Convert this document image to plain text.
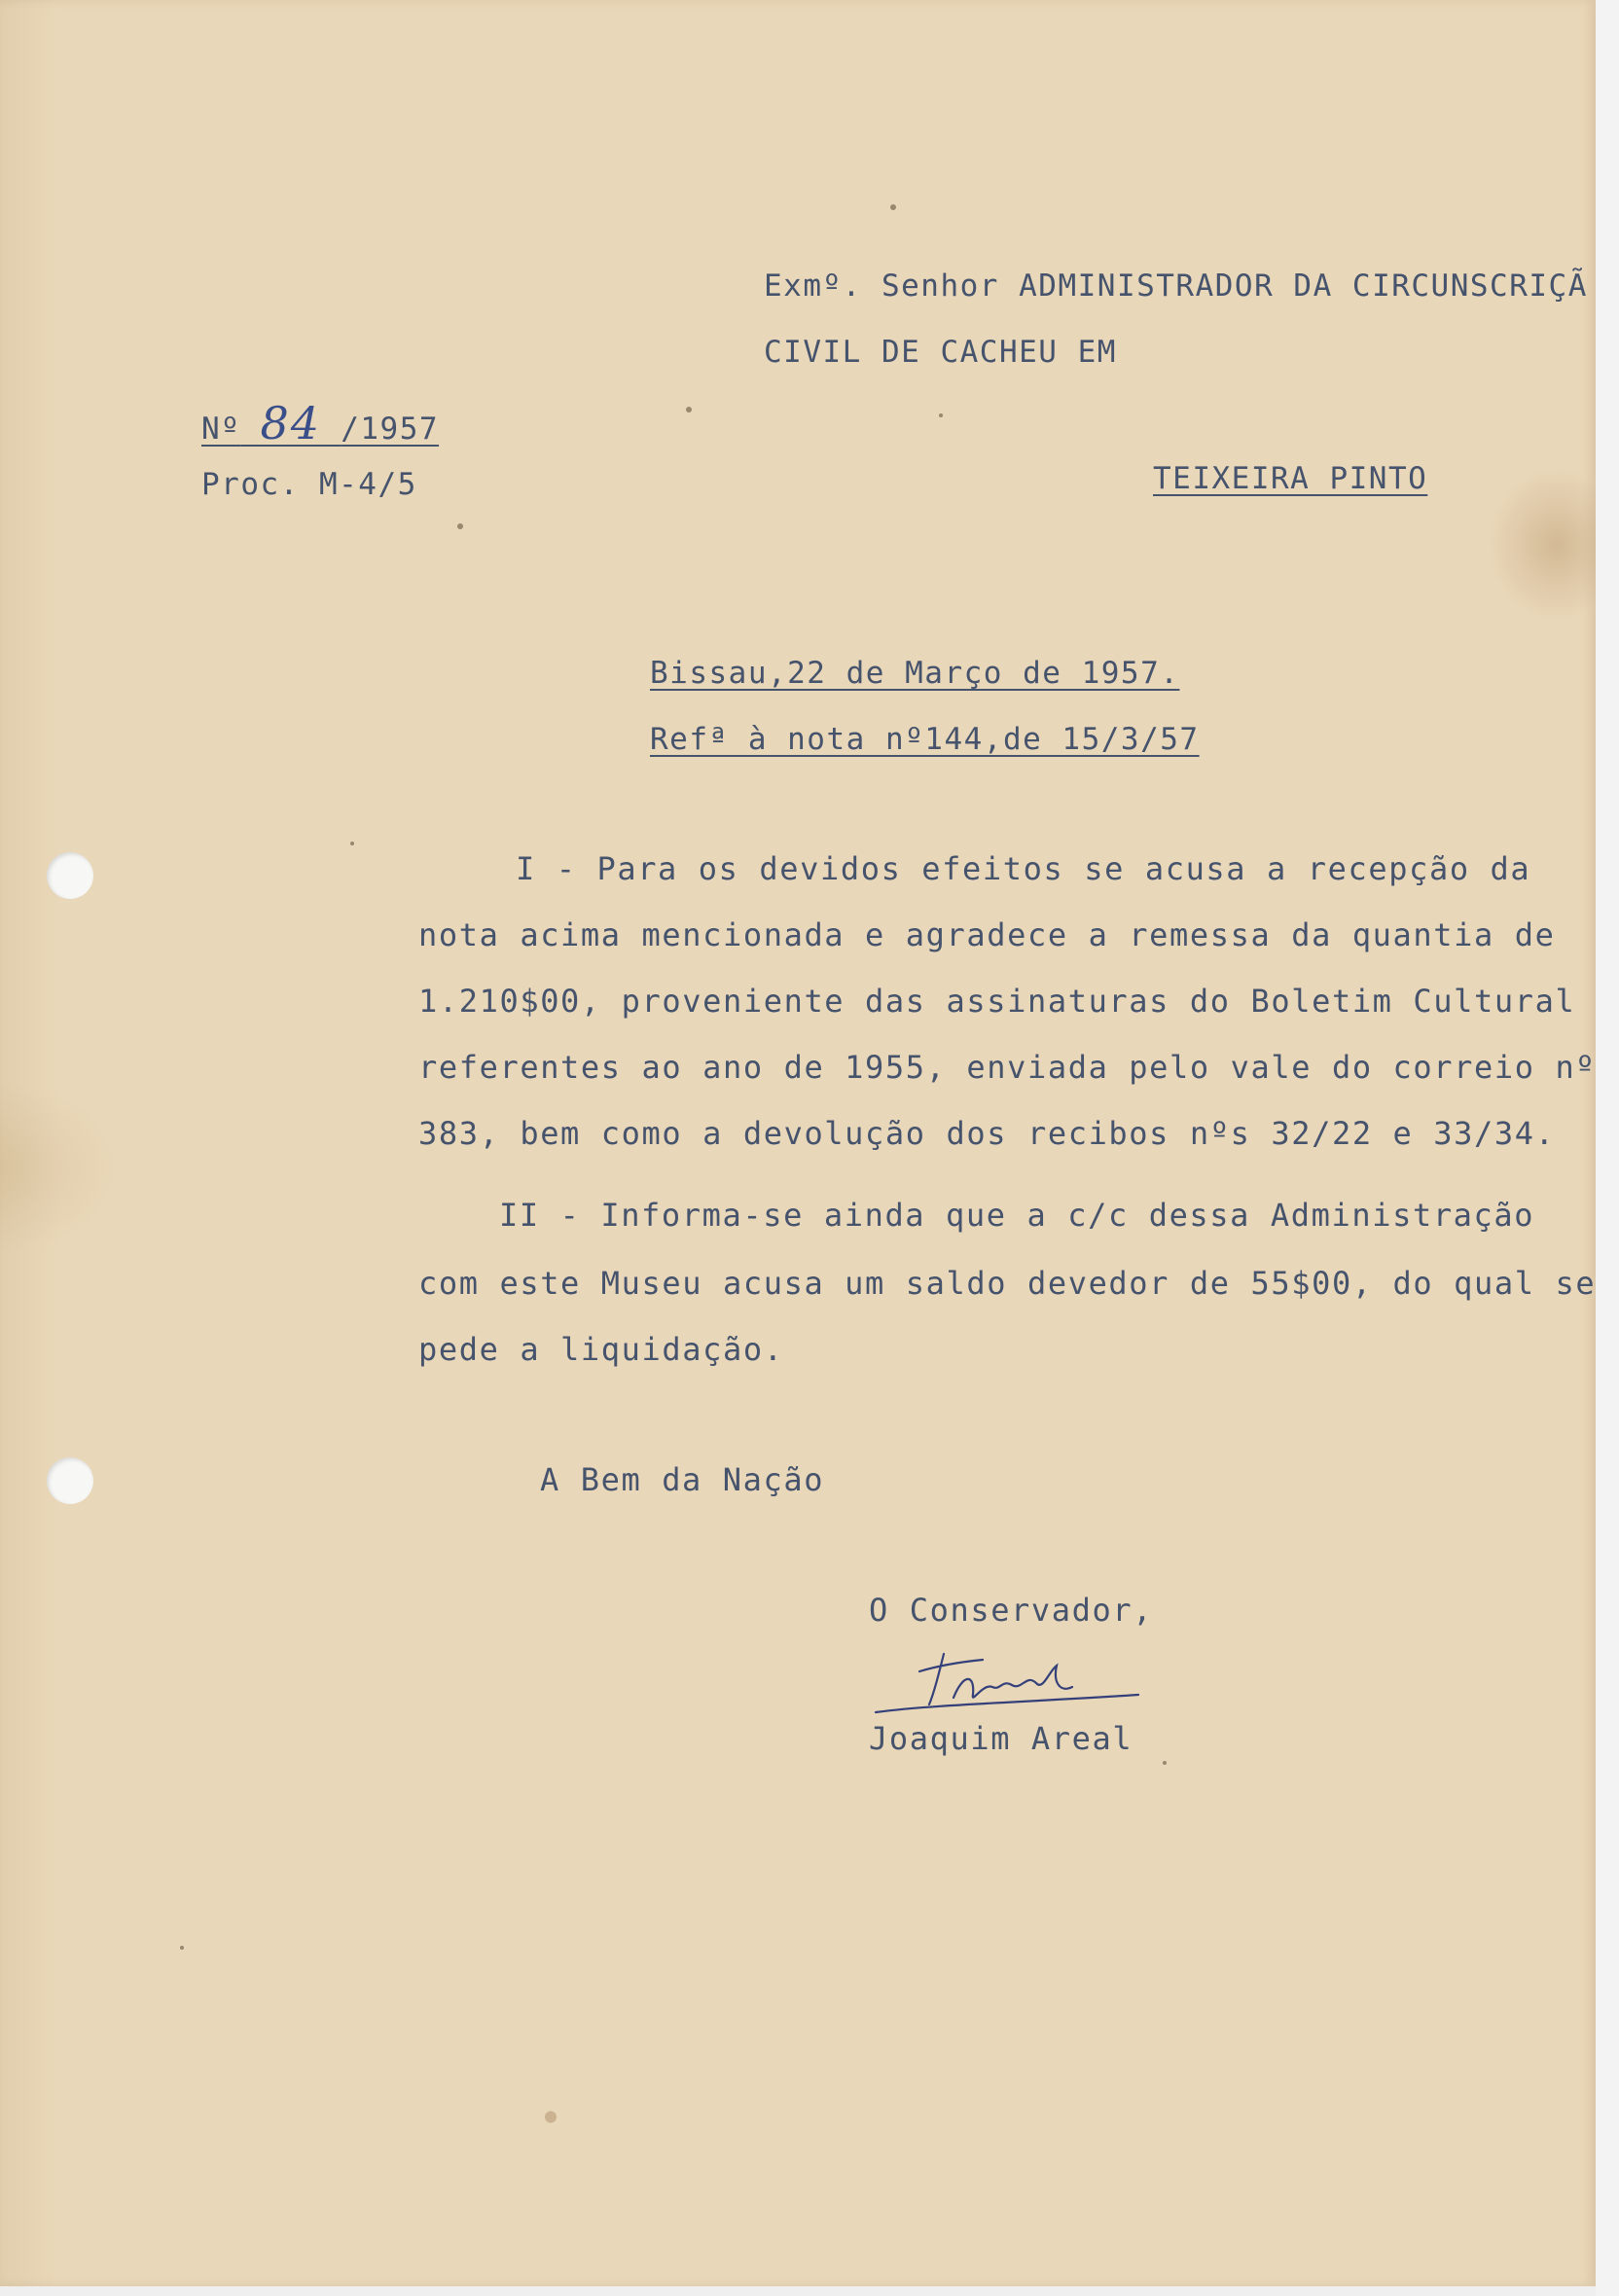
Exmº. Senhor ADMINISTRADOR DA CIRCUNSCRIÇÃ
CIVIL DE CACHEU EM
TEIXEIRA PINTO
Nº 84 /1957
Proc. M-4/5
Bissau,22 de Março de 1957.
Refª à nota nº144,de 15/3/57
I - Para os devidos efeitos se acusa a recepção da
nota acima mencionada e agradece a remessa da quantia de
1.210$00, proveniente das assinaturas do Boletim Cultural
referentes ao ano de 1955, enviada pelo vale do correio nº
383, bem como a devolução dos recibos nºs 32/22 e 33/34.
II - Informa-se ainda que a c/c dessa Administração
com este Museu acusa um saldo devedor de 55$00, do qual se
pede a liquidação.
A Bem da Nação
O Conservador,
Joaquim Areal
